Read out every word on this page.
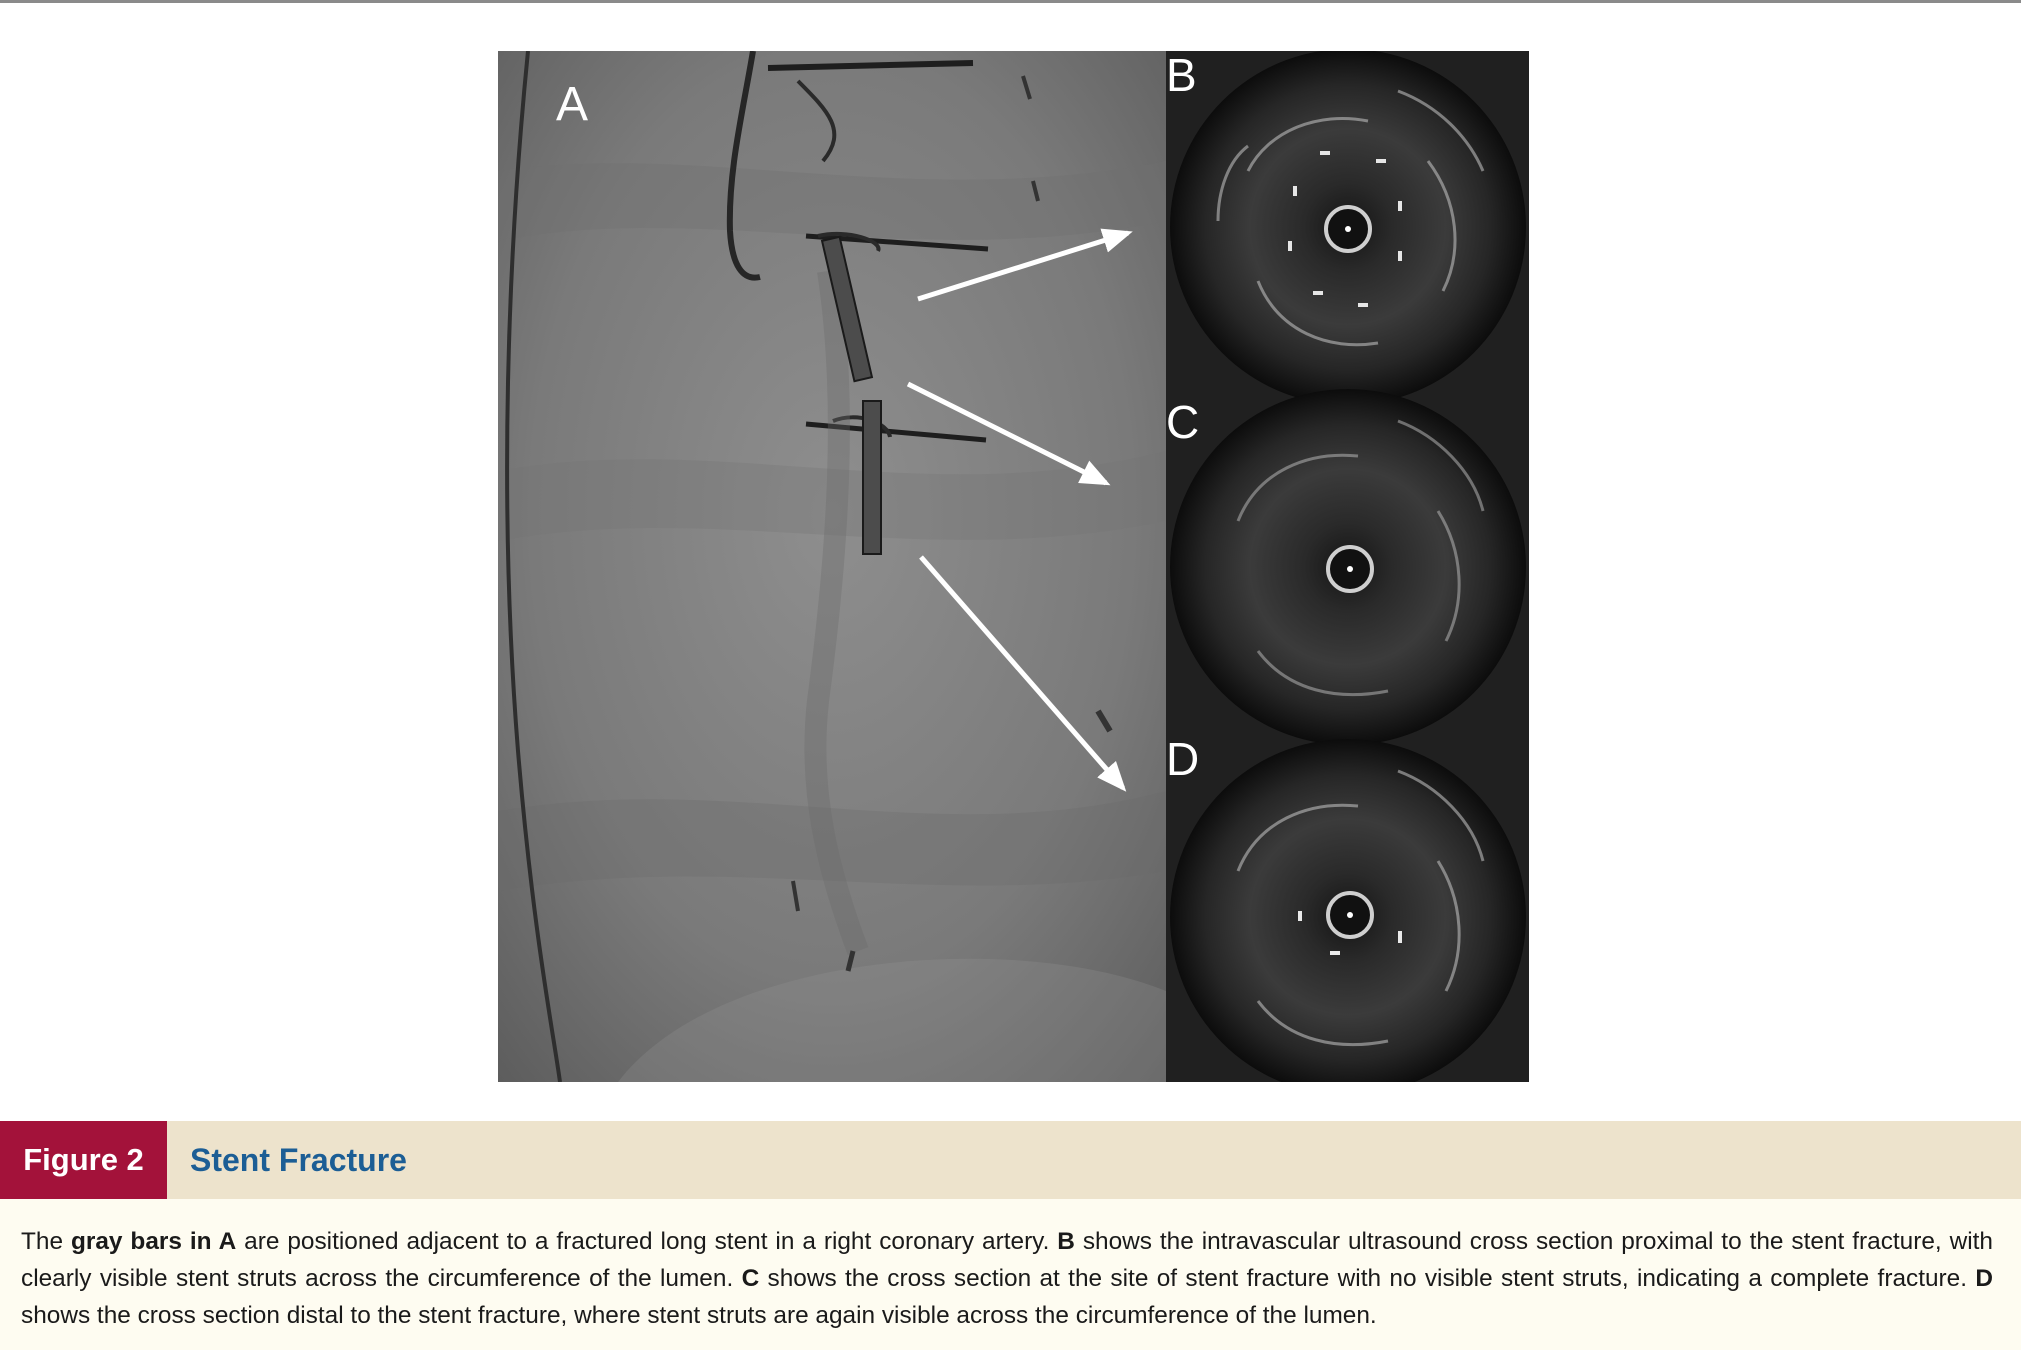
A
B
C
D
Figure 2	Stent Fracture

The gray bars in A are positioned adjacent to a fractured long stent in a right coronary artery. B shows the intravascular ultrasound cross section proximal to the stent fracture, with clearly visible stent struts across the circumference of the lumen. C shows the cross section at the site of stent fracture with no visible stent struts, indicating a complete fracture. D shows the cross section distal to the stent fracture, where stent struts are again visible across the circumference of the lumen.
